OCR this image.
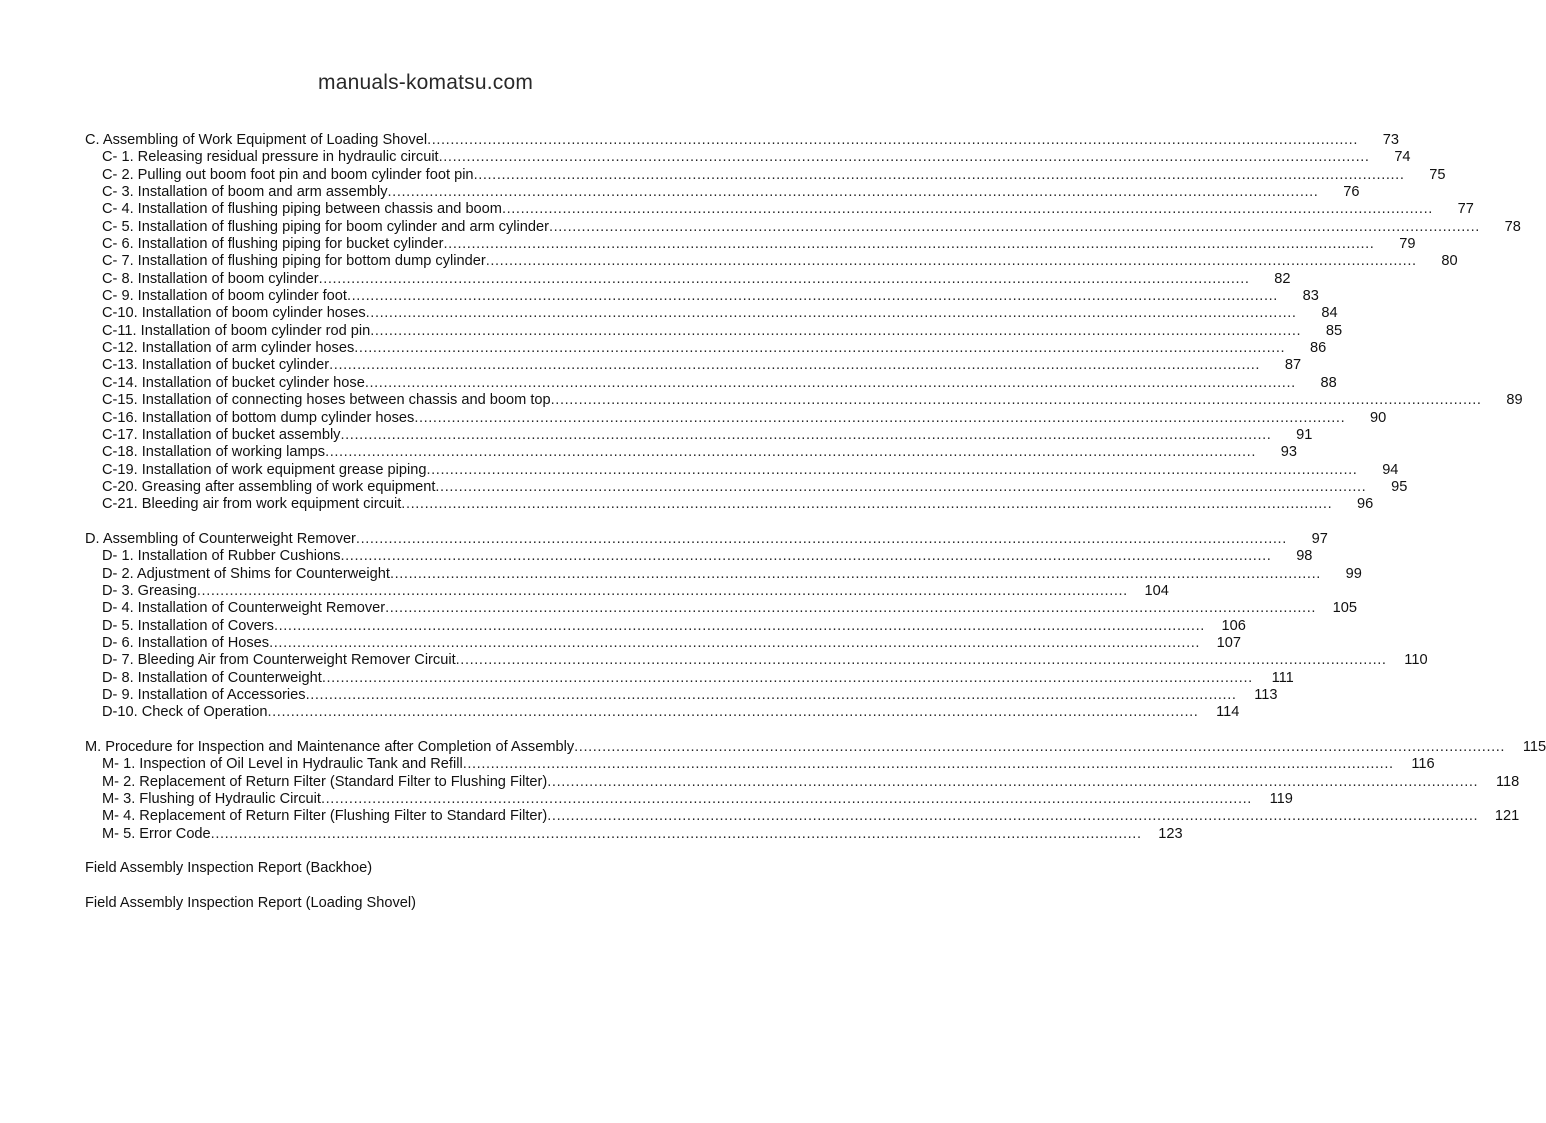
manuals-komatsu.com
C. Assembling of Work Equipment of Loading Shovel ........................................................................................................................................................................................................ 73
C- 1. Releasing residual pressure in hydraulic circuit ........................................................................................................................................................................................................ 74
C- 2. Pulling out boom foot pin and boom cylinder foot pin ........................................................................................................................................................................................................ 75
C- 3. Installation of boom and arm assembly ........................................................................................................................................................................................................ 76
C- 4. Installation of flushing piping between chassis and boom ........................................................................................................................................................................................................ 77
C- 5. Installation of flushing piping for boom cylinder and arm cylinder ........................................................................................................................................................................................................ 78
C- 6. Installation of flushing piping for bucket cylinder ........................................................................................................................................................................................................ 79
C- 7. Installation of flushing piping for bottom dump cylinder ........................................................................................................................................................................................................ 80
C- 8. Installation of boom cylinder ........................................................................................................................................................................................................ 82
C- 9. Installation of boom cylinder foot ........................................................................................................................................................................................................ 83
C-10. Installation of boom cylinder hoses ........................................................................................................................................................................................................ 84
C-11. Installation of boom cylinder rod pin ........................................................................................................................................................................................................ 85
C-12. Installation of arm cylinder hoses ........................................................................................................................................................................................................ 86
C-13. Installation of bucket cylinder ........................................................................................................................................................................................................ 87
C-14. Installation of bucket cylinder hose ........................................................................................................................................................................................................ 88
C-15. Installation of connecting hoses between chassis and boom top ........................................................................................................................................................................................................ 89
C-16. Installation of bottom dump cylinder hoses ........................................................................................................................................................................................................ 90
C-17. Installation of bucket assembly ........................................................................................................................................................................................................ 91
C-18. Installation of working lamps ........................................................................................................................................................................................................ 93
C-19. Installation of work equipment grease piping ........................................................................................................................................................................................................ 94
C-20. Greasing after assembling of work equipment ........................................................................................................................................................................................................ 95
C-21. Bleeding air from work equipment circuit ........................................................................................................................................................................................................ 96
D. Assembling of Counterweight Remover ........................................................................................................................................................................................................ 97
D- 1. Installation of Rubber Cushions ........................................................................................................................................................................................................ 98
D- 2. Adjustment of Shims for Counterweight ........................................................................................................................................................................................................ 99
D- 3. Greasing ........................................................................................................................................................................................................ 104
D- 4. Installation of Counterweight Remover ........................................................................................................................................................................................................ 105
D- 5. Installation of Covers ........................................................................................................................................................................................................ 106
D- 6. Installation of Hoses ........................................................................................................................................................................................................ 107
D- 7. Bleeding Air from Counterweight Remover Circuit ........................................................................................................................................................................................................ 110
D- 8. Installation of Counterweight ........................................................................................................................................................................................................ 111
D- 9. Installation of Accessories ........................................................................................................................................................................................................ 113
D-10. Check of Operation ........................................................................................................................................................................................................ 114
M. Procedure for Inspection and Maintenance after Completion of Assembly ........................................................................................................................................................................................................ 115
M- 1. Inspection of Oil Level in Hydraulic Tank and Refill ........................................................................................................................................................................................................ 116
M- 2. Replacement of Return Filter (Standard Filter to Flushing Filter) ........................................................................................................................................................................................................ 118
M- 3. Flushing of Hydraulic Circuit ........................................................................................................................................................................................................ 119
M- 4. Replacement of Return Filter (Flushing Filter to Standard Filter) ........................................................................................................................................................................................................ 121
M- 5. Error Code ........................................................................................................................................................................................................ 123
Field Assembly Inspection Report (Backhoe)
Field Assembly Inspection Report (Loading Shovel)
